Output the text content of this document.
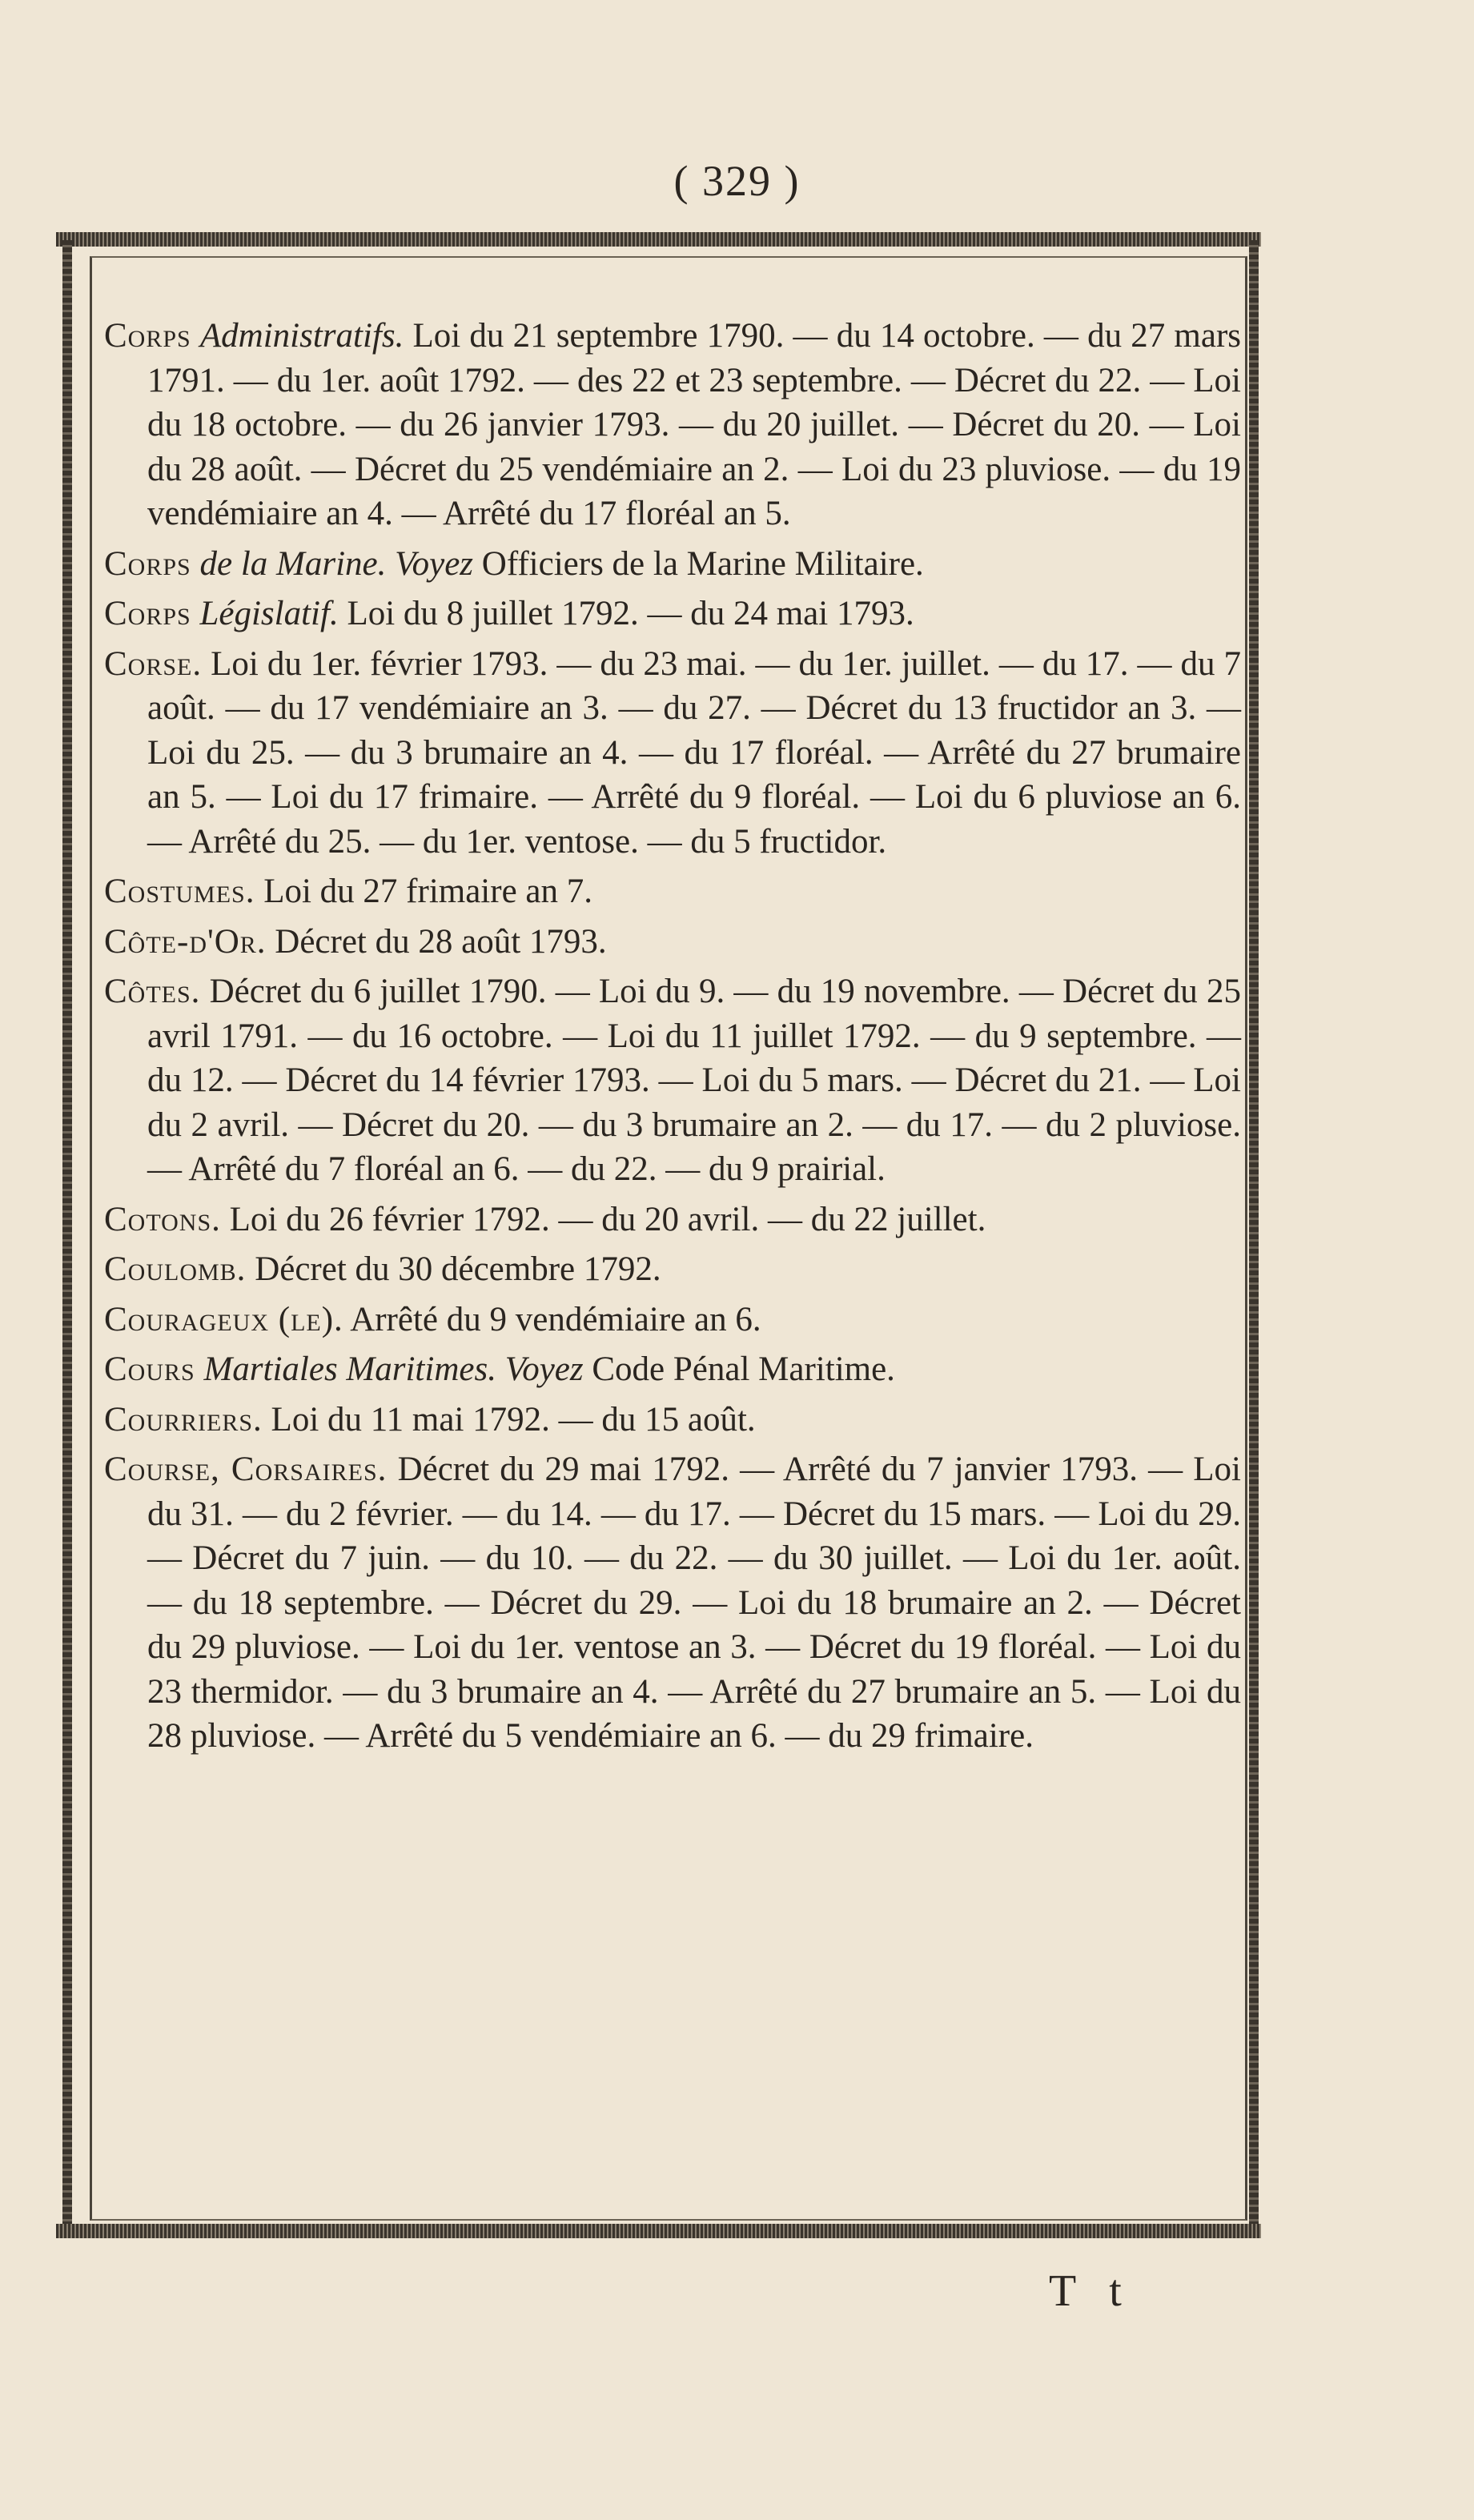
( 329 )

Corps Administratifs. Loi du 21 septembre 1790. — du 14 octobre. — du 27 mars 1791. — du 1er. août 1792. — des 22 et 23 septembre. — Décret du 22. — Loi du 18 octobre. — du 26 janvier 1793. — du 20 juillet. — Décret du 20. — Loi du 28 août. — Décret du 25 vendémiaire an 2. — Loi du 23 pluviose. — du 19 vendémiaire an 4. — Arrêté du 17 floréal an 5.

Corps de la Marine. Voyez Officiers de la Marine Militaire.

Corps Législatif. Loi du 8 juillet 1792. — du 24 mai 1793.

Corse. Loi du 1er. février 1793. — du 23 mai. — du 1er. juillet. — du 17. — du 7 août. — du 17 vendémiaire an 3. — du 27. — Décret du 13 fructidor an 3. — Loi du 25. — du 3 brumaire an 4. — du 17 floréal. — Arrêté du 27 brumaire an 5. — Loi du 17 frimaire. — Arrêté du 9 floréal. — Loi du 6 pluviose an 6. — Arrêté du 25. — du 1er. ventose. — du 5 fructidor.

Costumes. Loi du 27 frimaire an 7.

Côte-d'Or. Décret du 28 août 1793.

Côtes. Décret du 6 juillet 1790. — Loi du 9. — du 19 novembre. — Décret du 25 avril 1791. — du 16 octobre. — Loi du 11 juillet 1792. — du 9 septembre. — du 12. — Décret du 14 février 1793. — Loi du 5 mars. — Décret du 21. — Loi du 2 avril. — Décret du 20. — du 3 brumaire an 2. — du 17. — du 2 pluviose. — Arrêté du 7 floréal an 6. — du 22. — du 9 prairial.

Cotons. Loi du 26 février 1792. — du 20 avril. — du 22 juillet.

Coulomb. Décret du 30 décembre 1792.

Courageux (le). Arrêté du 9 vendémiaire an 6.

Cours Martiales Maritimes. Voyez Code Pénal Maritime.

Courriers. Loi du 11 mai 1792. — du 15 août.

Course, Corsaires. Décret du 29 mai 1792. — Arrêté du 7 janvier 1793. — Loi du 31. — du 2 février. — du 14. — du 17. — Décret du 15 mars. — Loi du 29. — Décret du 7 juin. — du 10. — du 22. — du 30 juillet. — Loi du 1er. août. — du 18 septembre. — Décret du 29. — Loi du 18 brumaire an 2. — Décret du 29 pluviose. — Loi du 1er. ventose an 3. — Décret du 19 floréal. — Loi du 23 thermidor. — du 3 brumaire an 4. — Arrêté du 27 brumaire an 5. — Loi du 28 pluviose. — Arrêté du 5 vendémiaire an 6. — du 29 frimaire.

T t
